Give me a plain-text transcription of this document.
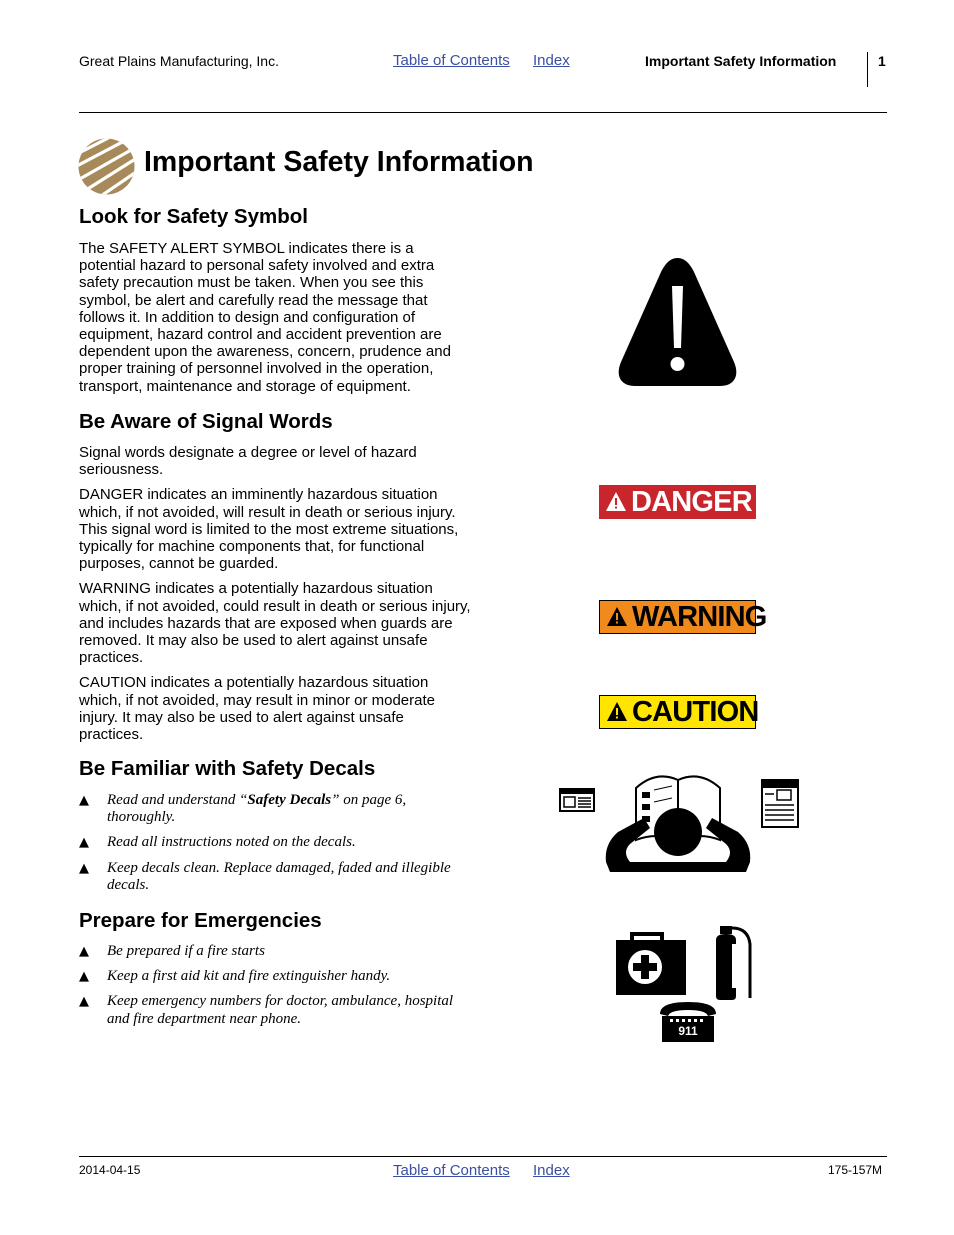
Great Plains Manufacturing, Inc.	Table of Contents Index	Important Safety Information	1
Important Safety Information
Look for Safety Symbol

The SAFETY ALERT SYMBOL indicates there is a potential hazard to personal safety involved and extra safety precaution must be taken. When you see this symbol, be alert and carefully read the message that follows it. In addition to design and configuration of equipment, hazard control and accident prevention are dependent upon the awareness, concern, prudence and proper training of personnel involved in the operation, transport, maintenance and storage of equipment.

Be Aware of Signal Words

Signal words designate a degree or level of hazard seriousness.

DANGER indicates an imminently hazardous situation which, if not avoided, will result in death or serious injury. This signal word is limited to the most extreme situations, typically for machine components that, for functional purposes, cannot be guarded.

WARNING indicates a potentially hazardous situation which, if not avoided, could result in death or serious injury, and includes hazards that are exposed when guards are removed. It may also be used to alert against unsafe practices.

CAUTION indicates a potentially hazardous situation which, if not avoided, may result in minor or moderate injury. It may also be used to alert against unsafe practices.

Be Familiar with Safety Decals
▲ Read and understand “Safety Decals” on page 6, thoroughly.
▲ Read all instructions noted on the decals.
▲ Keep decals clean. Replace damaged, faded and illegible decals.
Prepare for Emergencies
▲ Be prepared if a fire starts
▲ Keep a first aid kit and fire extinguisher handy.
▲ Keep emergency numbers for doctor, ambulance, hospital and fire department near phone.
DANGER
WARNING
CAUTION
911
2014-04-15	Table of Contents Index	175-157M
